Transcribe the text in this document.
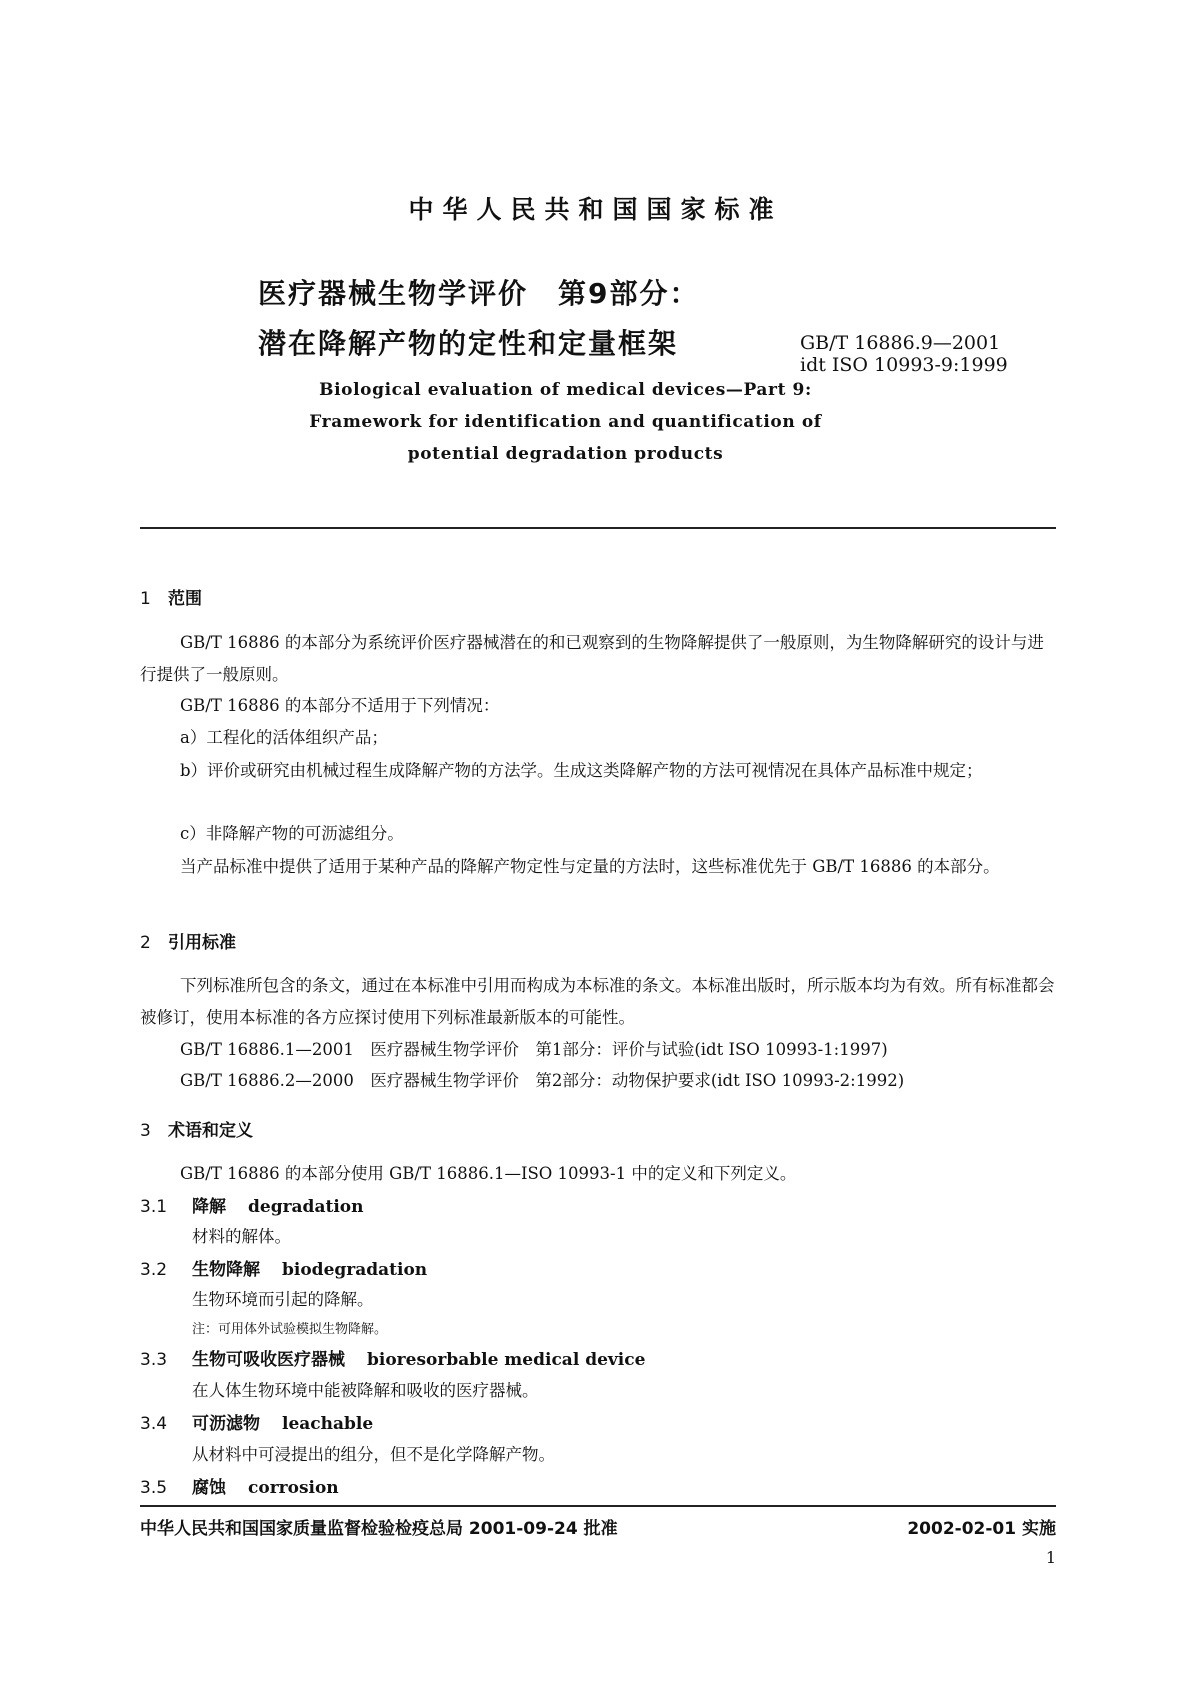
中华人民共和国国家标准
医疗器械生物学评价　第9部分：
潜在降解产物的定性和定量框架	GB/T 16886.9—2001
idt ISO 10993-9:1999
Biological evaluation of medical devices—Part 9:
Framework for identification and quantification of
potential degradation products
1 范围
GB/T 16886 的本部分为系统评价医疗器械潜在的和已观察到的生物降解提供了一般原则，为生物降解研究的设计与进行提供了一般原则。
GB/T 16886 的本部分不适用于下列情况：
a）工程化的活体组织产品；
b）评价或研究由机械过程生成降解产物的方法学。生成这类降解产物的方法可视情况在具体产品标准中规定；
c）非降解产物的可沥滤组分。
当产品标准中提供了适用于某种产品的降解产物定性与定量的方法时，这些标准优先于 GB/T 16886 的本部分。
2 引用标准
下列标准所包含的条文，通过在本标准中引用而构成为本标准的条文。本标准出版时，所示版本均为有效。所有标准都会被修订，使用本标准的各方应探讨使用下列标准最新版本的可能性。
GB/T 16886.1—2001　医疗器械生物学评价　第1部分：评价与试验(idt ISO 10993-1:1997)
GB/T 16886.2—2000　医疗器械生物学评价　第2部分：动物保护要求(idt ISO 10993-2:1992)
3 术语和定义
GB/T 16886 的本部分使用 GB/T 16886.1—ISO 10993-1 中的定义和下列定义。
3.1 降解 degradation
材料的解体。
3.2 生物降解 biodegradation
生物环境而引起的降解。
注：可用体外试验模拟生物降解。
3.3 生物可吸收医疗器械 bioresorbable medical device
在人体生物环境中能被降解和吸收的医疗器械。
3.4 可沥滤物 leachable
从材料中可浸提出的组分，但不是化学降解产物。
3.5 腐蚀 corrosion
中华人民共和国国家质量监督检验检疫总局 2001-09-24 批准	2002-02-01 实施
1
